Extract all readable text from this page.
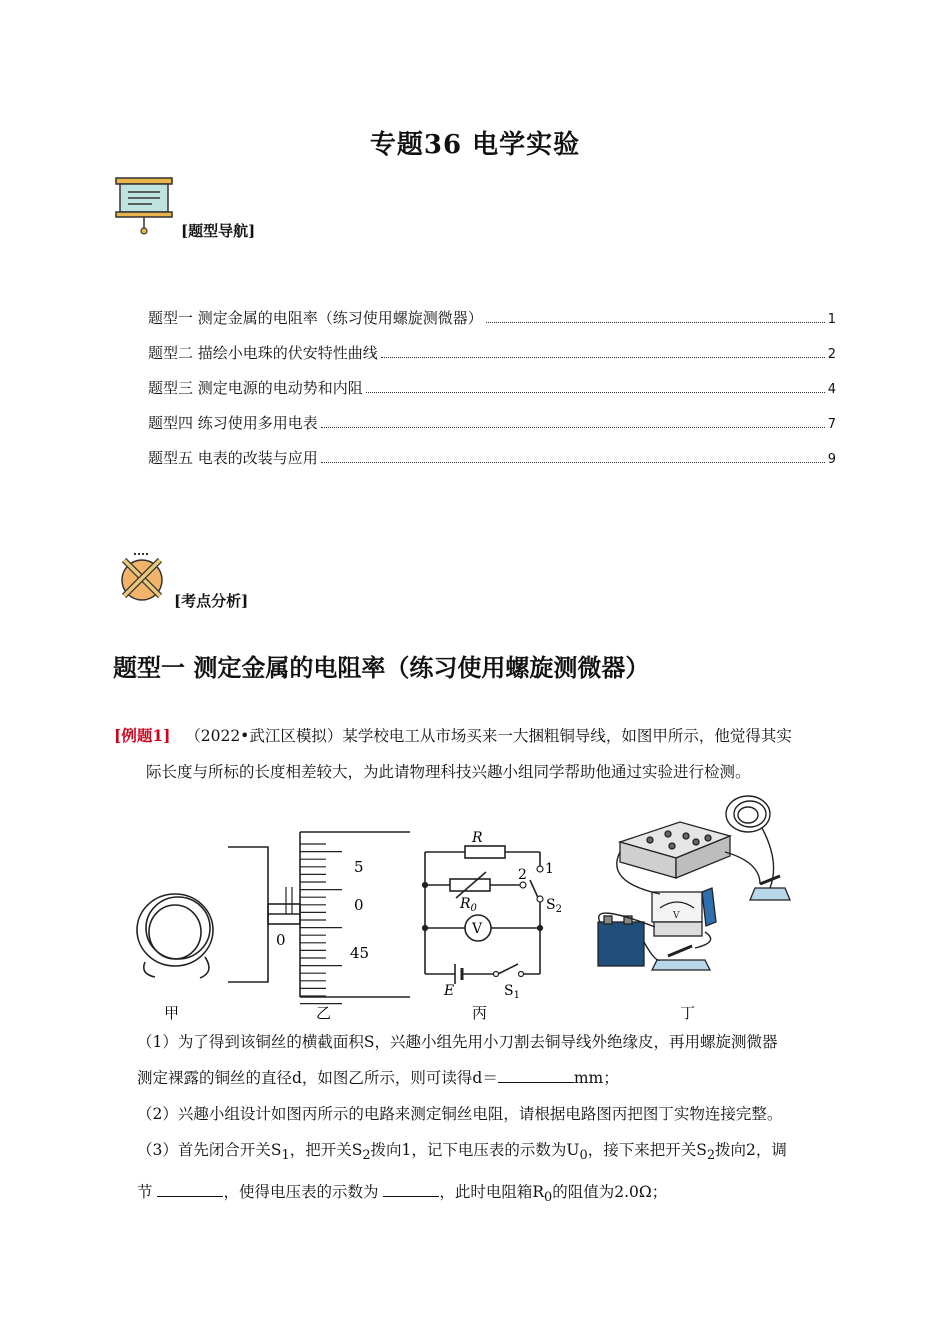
专题36 电学实验
[题型导航]
题型一 测定金属的电阻率（练习使用螺旋测微器）	1
题型二 描绘小电珠的伏安特性曲线	2
题型三 测定电源的电动势和内阻	4
题型四 练习使用多用电表	7
题型五 电表的改装与应用	9
[考点分析]
题型一 测定金属的电阻率（练习使用螺旋测微器）
[例题1] （2022•武江区模拟）某学校电工从市场买来一大捆粗铜导线，如图甲所示，他觉得其实
际长度与所标的长度相差较大，为此请物理科技兴趣小组同学帮助他通过实验进行检测。
5
0
45
0
R
$R_0$
V
2 1
$S_2$
E	$S_1$
V
甲	乙	丙	丁
（1）为了得到该铜丝的横截面积S，兴趣小组先用小刀割去铜导线外绝缘皮，再用螺旋测微器
测定裸露的铜丝的直径d，如图乙所示，则可读得d＝	mm；
（2）兴趣小组设计如图丙所示的电路来测定铜丝电阻，请根据电路图丙把图丁实物连接完整。
（3）首先闭合开关$S_1$，把开关$S_2$拨向1，记下电压表的示数为$U_0$，接下来把开关$S_2$拨向2，调
节	，使得电压表的示数为	，此时电阻箱$R_0$的阻值为2.0Ω；
